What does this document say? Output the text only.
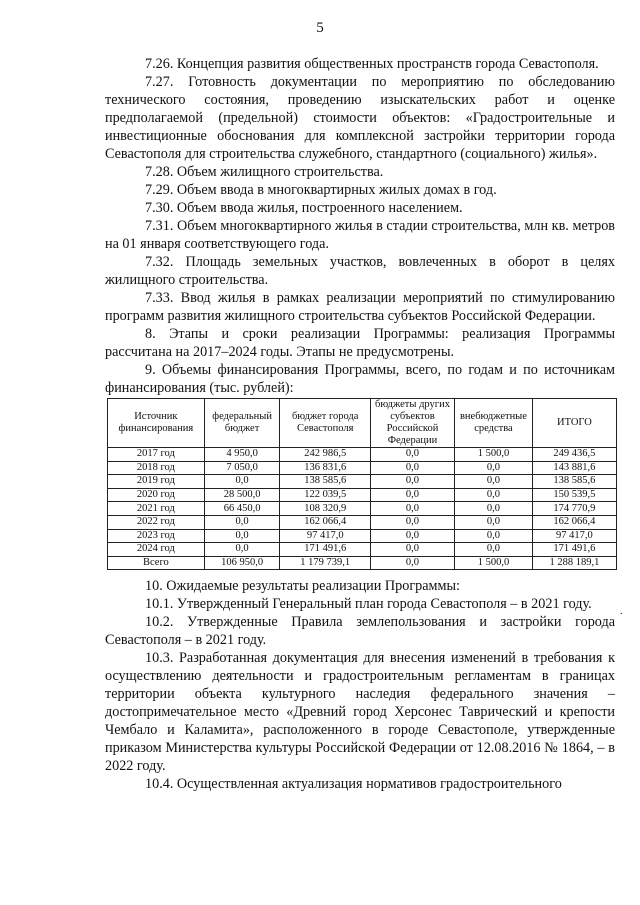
5

7.26. Концепция развития общественных пространств города Севастополя.

7.27. Готовность документации по мероприятию по обследованию технического состояния, проведению изыскательских работ и оценке предполагаемой (предельной) стоимости объектов: «Градостроительные и инвестиционные обоснования для комплексной застройки территории города Севастополя для строительства служебного, стандартного (социального) жилья».

7.28. Объем жилищного строительства.

7.29. Объем ввода в многоквартирных жилых домах в год.

7.30. Объем ввода жилья, построенного населением.

7.31. Объем многоквартирного жилья в стадии строительства, млн кв. метров на 01 января соответствующего года.

7.32. Площадь земельных участков, вовлеченных в оборот в целях жилищного строительства.

7.33. Ввод жилья в рамках реализации мероприятий по стимулированию программ развития жилищного строительства субъектов Российской Федерации.

8. Этапы и сроки реализации Программы: реализация Программы рассчитана на 2017–2024 годы. Этапы не предусмотрены.

9. Объемы финансирования Программы, всего, по годам и по источникам финансирования (тыс. рублей):

Источник финансирования	федеральный бюджет	бюджет города Севастополя	бюджеты других субъектов Российской Федерации	внебюджетные средства	ИТОГО
2017 год	4 950,0	242 986,5	0,0	1 500,0	249 436,5
2018 год	7 050,0	136 831,6	0,0	0,0	143 881,6
2019 год	0,0	138 585,6	0,0	0,0	138 585,6
2020 год	28 500,0	122 039,5	0,0	0,0	150 539,5
2021 год	66 450,0	108 320,9	0,0	0,0	174 770,9
2022 год	0,0	162 066,4	0,0	0,0	162 066,4
2023 год	0,0	97 417,0	0,0	0,0	97 417,0
2024 год	0,0	171 491,6	0,0	0,0	171 491,6
Всего	106 950,0	1 179 739,1	0,0	1 500,0	1 288 189,1

10. Ожидаемые результаты реализации Программы:

10.1. Утвержденный Генеральный план города Севастополя – в 2021 году.

10.2. Утвержденные Правила землепользования и застройки города Севастополя – в 2021 году.

10.3. Разработанная документация для внесения изменений в требования к осуществлению деятельности и градостроительным регламентам в границах территории объекта культурного наследия федерального значения – достопримечательное место «Древний город Херсонес Таврический и крепости Чембало и Каламита», расположенного в городе Севастополе, утвержденные приказом Министерства культуры Российской Федерации от 12.08.2016 № 1864, – в 2022 году.

10.4. Осуществленная актуализация нормативов градостроительного

.
